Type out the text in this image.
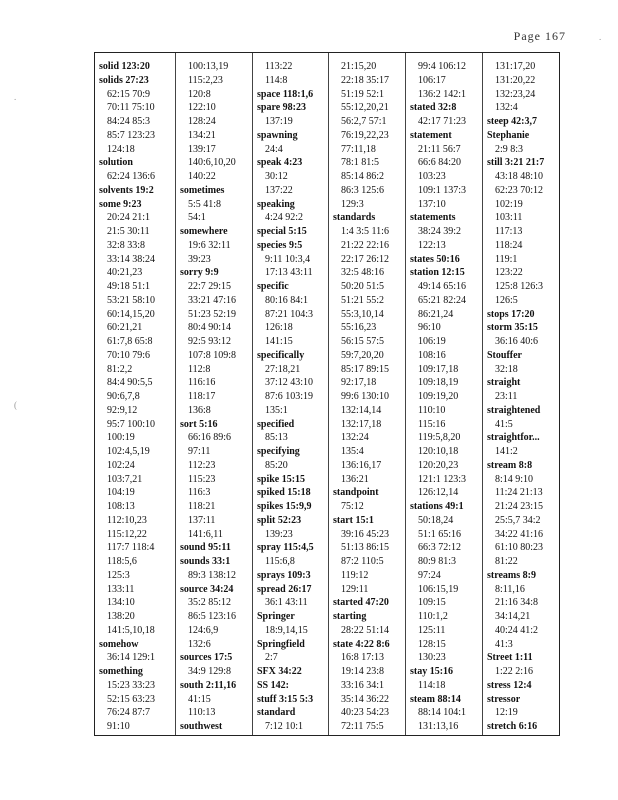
Page 167
solid 123:20
solids 27:23
62:15 70:9
70:11 75:10
84:24 85:3
85:7 123:23
124:18
solution
62:24 136:6
solvents 19:2
some 9:23
20:24 21:1
21:5 30:11
32:8 33:8
33:14 38:24
40:21,23
49:18 51:1
53:21 58:10
60:14,15,20
60:21,21
61:7,8 65:8
70:10 79:6
81:2,2
84:4 90:5,5
90:6,7,8
92:9,12
95:7 100:10
100:19
102:4,5,19
102:24
103:7,21
104:19
108:13
112:10,23
115:12,22
117:7 118:4
118:5,6
125:3
133:11
134:10
138:20
141:5,10,18
somehow
36:14 129:1
something
15:23 33:23
52:15 63:23
76:24 87:7
91:10
100:13,19
115:2,23
120:8
122:10
128:24
134:21
139:17
140:6,10,20
140:22
sometimes
5:5 41:8
54:1
somewhere
19:6 32:11
39:23
sorry 9:9
22:7 29:15
33:21 47:16
51:23 52:19
80:4 90:14
92:5 93:12
107:8 109:8
112:8
116:16
118:17
136:8
sort 5:16
66:16 89:6
97:11
112:23
115:23
116:3
118:21
137:11
141:6,11
sound 95:11
sounds 33:1
89:3 138:12
source 34:24
35:2 85:12
86:5 123:16
124:6,9
132:6
sources 17:5
34:9 129:8
south 2:11,16
41:15
110:13
southwest
113:22
114:8
space 118:1,6
spare 98:23
137:19
spawning
24:4
speak 4:23
30:12
137:22
speaking
4:24 92:2
special 5:15
species 9:5
9:11 10:3,4
17:13 43:11
specific
80:16 84:1
87:21 104:3
126:18
141:15
specifically
27:18,21
37:12 43:10
87:6 103:19
135:1
specified
85:13
specifying
85:20
spike 15:15
spiked 15:18
spikes 15:9,9
split 52:23
139:23
spray 115:4,5
115:6,8
sprays 109:3
spread 26:17
36:1 43:11
Springer
18:9,14,15
Springfield
2:7
SFX 34:22
SS 142:
stuff 3:15 5:3
standard
7:12 10:1
21:15,20
22:18 35:17
51:19 52:1
55:12,20,21
56:2,7 57:1
76:19,22,23
77:11,18
78:1 81:5
85:14 86:2
86:3 125:6
129:3
standards
1:4 3:5 11:6
21:22 22:16
22:17 26:12
32:5 48:16
50:20 51:5
51:21 55:2
55:3,10,14
55:16,23
56:15 57:5
59:7,20,20
85:17 89:15
92:17,18
99:6 130:10
132:14,14
132:17,18
132:24
135:4
136:16,17
136:21
standpoint
75:12
start 15:1
39:16 45:23
51:13 86:15
87:2 110:5
119:12
129:11
started 47:20
starting
28:22 51:14
state 4:22 8:6
16:8 17:13
19:14 23:8
33:16 34:1
35:14 36:22
40:23 54:23
72:11 75:5
99:4 106:12
106:17
136:2 142:1
stated 32:8
42:17 71:23
statement
21:11 56:7
66:6 84:20
103:23
109:1 137:3
137:10
statements
38:24 39:2
122:13
states 50:16
station 12:15
49:14 65:16
65:21 82:24
86:21,24
96:10
106:19
108:16
109:17,18
109:18,19
109:19,20
110:10
115:16
119:5,8,20
120:10,18
120:20,23
121:1 123:3
126:12,14
stations 49:1
50:18,24
51:1 65:16
66:3 72:12
80:9 81:3
97:24
106:15,19
109:15
110:1,2
125:11
128:15
130:23
stay 15:16
114:18
steam 88:14
88:14 104:1
131:13,16
131:17,20
131:20,22
132:23,24
132:4
steep 42:3,7
Stephanie
2:9 8:3
still 3:21 21:7
43:18 48:10
62:23 70:12
102:19
103:11
117:13
118:24
119:1
123:22
125:8 126:3
126:5
stops 17:20
storm 35:15
36:16 40:6
Stouffer
32:18
straight
23:11
straightened
41:5
straightfor...
141:2
stream 8:8
8:14 9:10
11:24 21:13
21:24 23:15
25:5,7 34:2
34:22 41:16
61:10 80:23
81:22
streams 8:9
8:11,16
21:16 34:8
34:14,21
40:24 41:2
41:3
Street 1:11
1:22 2:16
stress 12:4
stressor
12:19
stretch 6:16
.
(
.
